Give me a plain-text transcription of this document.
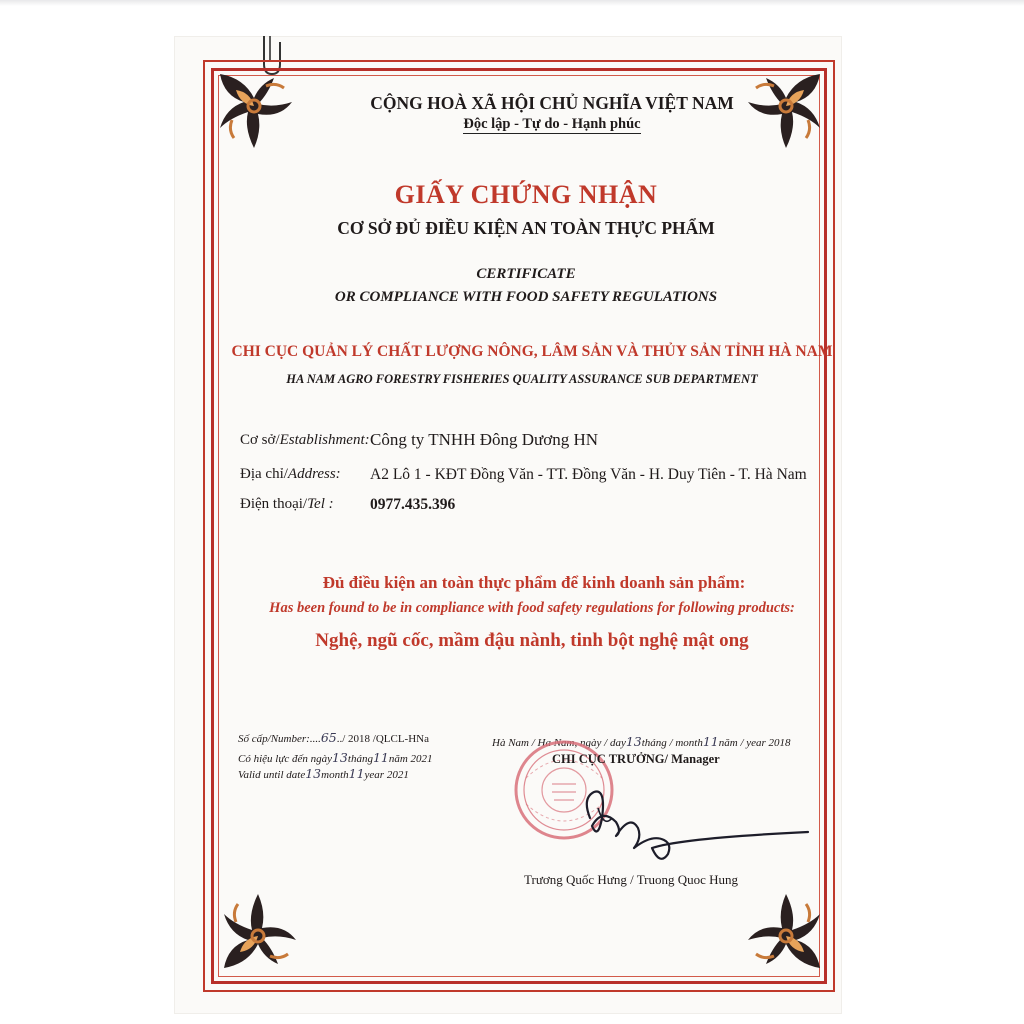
CỘNG HOÀ XÃ HỘI CHỦ NGHĨA VIỆT NAM
Độc lập - Tự do - Hạnh phúc
GIẤY CHỨNG NHẬN
CƠ SỞ ĐỦ ĐIỀU KIỆN AN TOÀN THỰC PHẨM
CERTIFICATE
OR COMPLIANCE WITH FOOD SAFETY REGULATIONS
CHI CỤC QUẢN LÝ CHẤT LƯỢNG NÔNG, LÂM SẢN VÀ THỦY SẢN TỈNH HÀ NAM
HA NAM AGRO FORESTRY FISHERIES QUALITY ASSURANCE SUB DEPARTMENT
Cơ sở/Establishment: Công ty TNHH Đông Dương HN
Địa chỉ/Address: A2 Lô 1 - KĐT Đồng Văn - TT. Đồng Văn - H. Duy Tiên - T. Hà Nam
Điện thoại/Tel : 0977.435.396
Đủ điều kiện an toàn thực phẩm để kinh doanh sản phẩm:
Has been found to be in compliance with food safety regulations for following products:
Nghệ, ngũ cốc, mầm đậu nành, tinh bột nghệ mật ong
Số cấp/Number:....65../ 2018 /QLCL-HNa
Có hiệu lực đến ngày13tháng11năm 2021
Valid until date13month11year 2021
Hà Nam / Ha Nam, ngày / day13tháng / month11năm / year 2018
CHI CỤC TRƯỞNG/ Manager
Trương Quốc Hưng / Truong Quoc Hung
